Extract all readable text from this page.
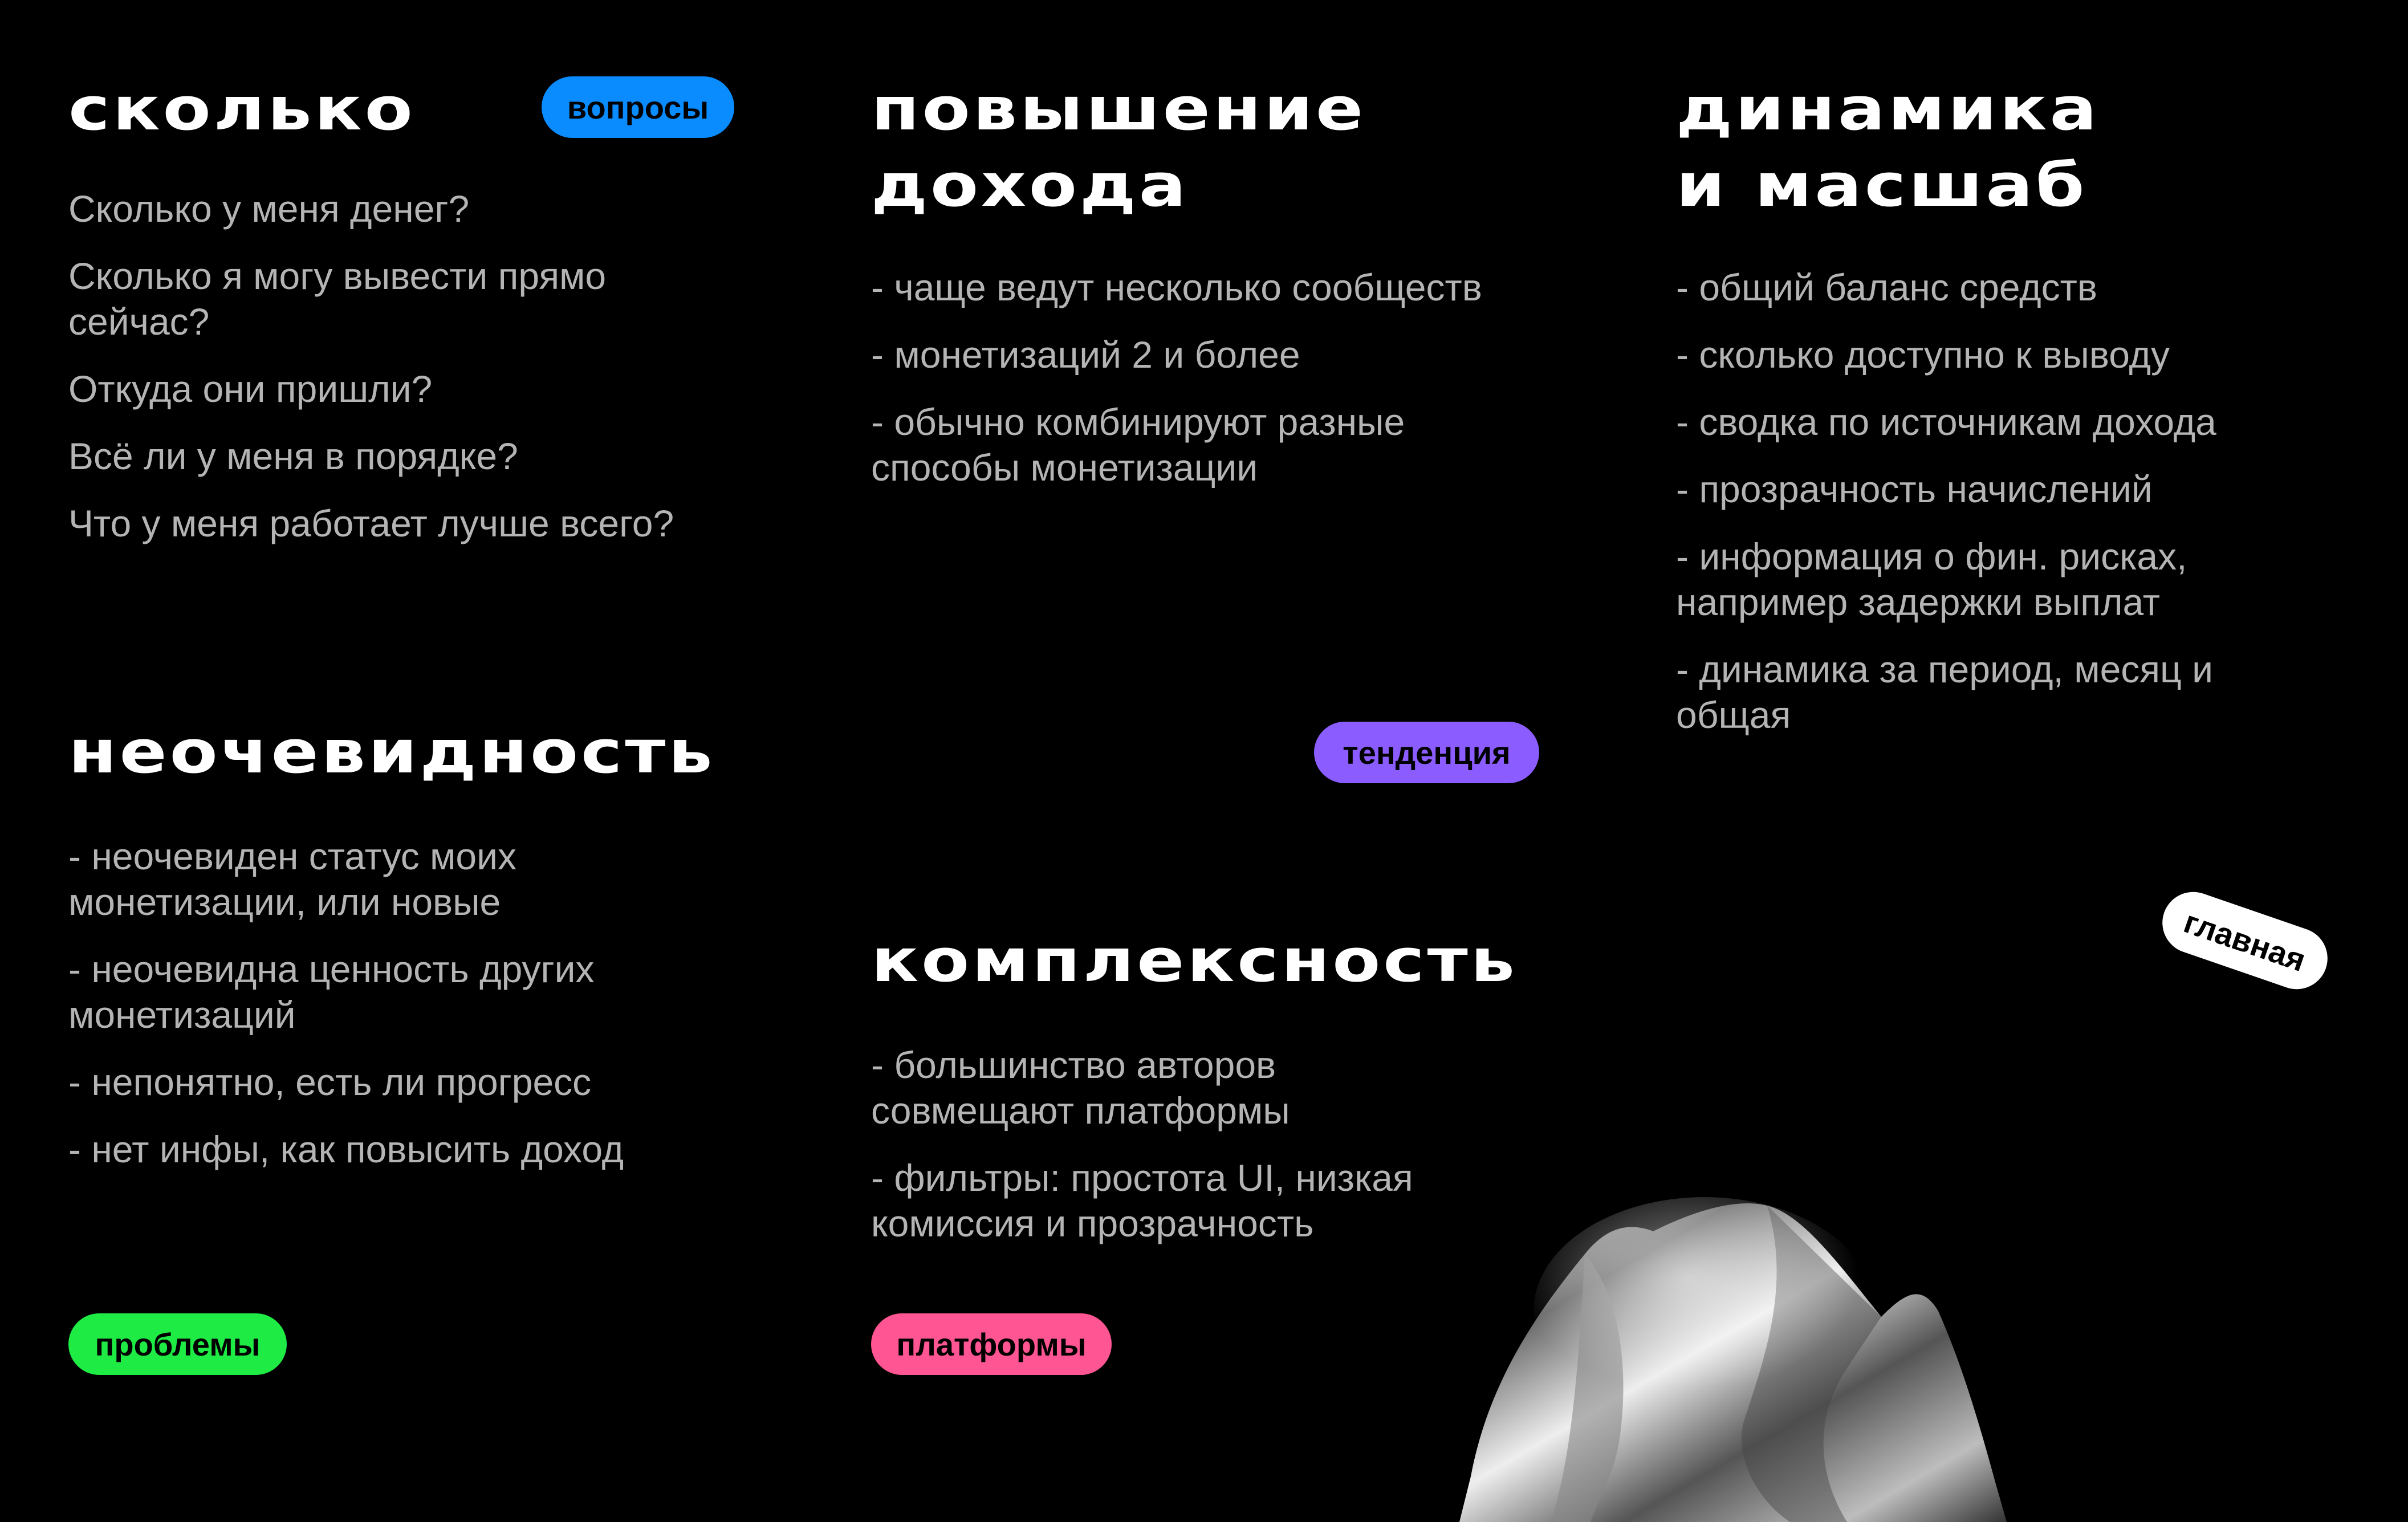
сколько	вопросы
Сколько у меня денег?
Сколько я могу вывести прямо сейчас?
Откуда они пришли?
Всё ли у меня в порядке?
Что у меня работает лучше всего?
повышение
дохода
- чаще ведут несколько сообществ
- монетизаций 2 и более
- обычно комбинируют разные способы монетизации
динамика
и масшаб
- общий баланс средств
- сколько доступно к выводу
- сводка по источникам дохода
- прозрачность начислений
- информация о фин. рисках, например задержки выплат
- динамика за период, месяц и общая
неочевидность
- неочевиден статус моих монетизации, или новые
- неочевидна ценность других монетизаций
- непонятно, есть ли прогресс
- нет инфы, как повысить доход
проблемы
тенденция
комплексность
- большинство авторов совмещают платформы
- фильтры: простота UI, низкая комиссия и прозрачность
платформы
главная
